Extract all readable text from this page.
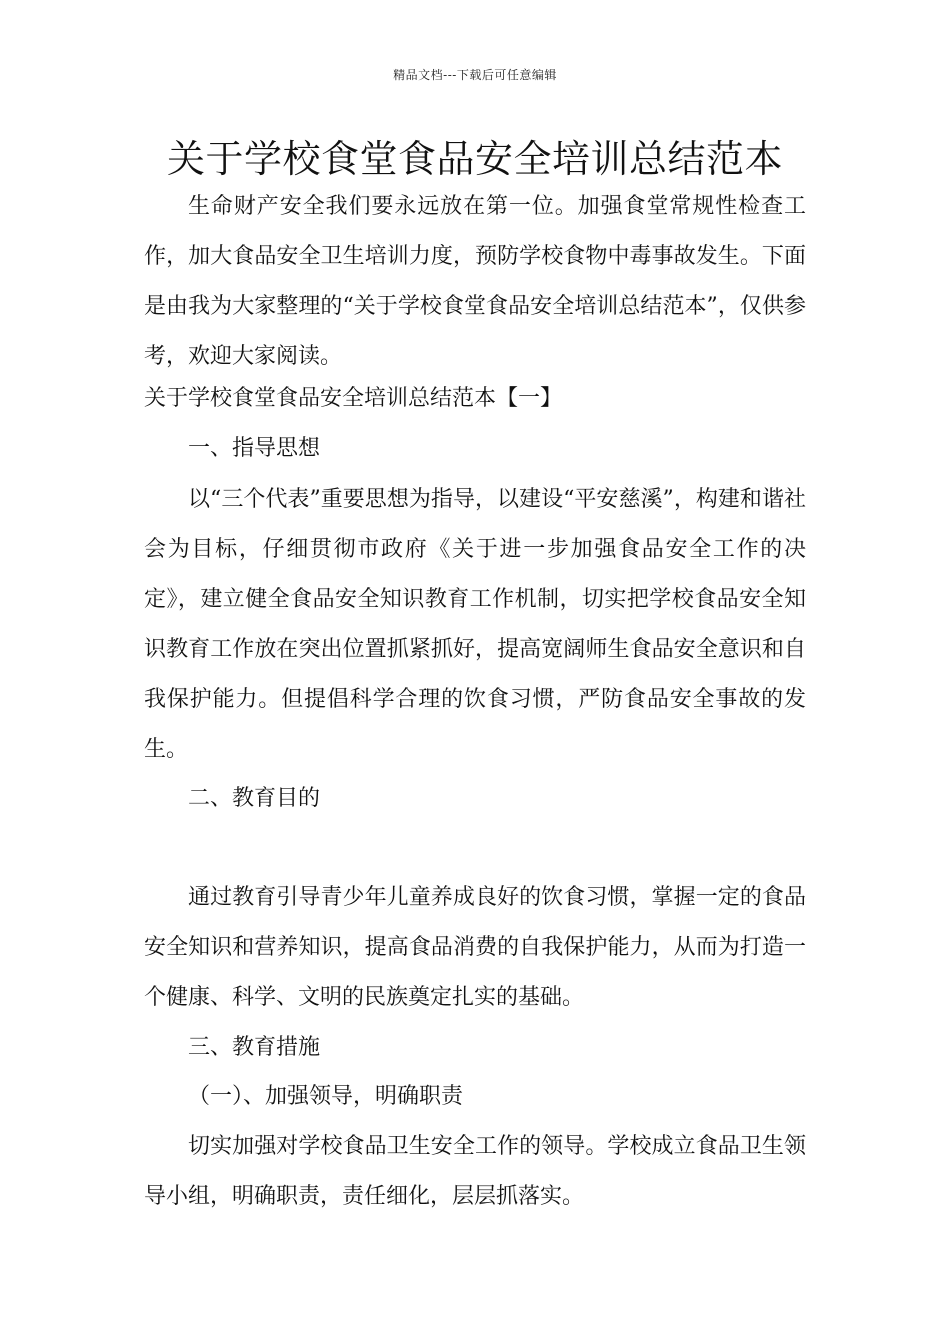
精品文档---下载后可任意编辑
关于学校食堂食品安全培训总结范本
生命财产安全我们要永远放在第一位。加强食堂常规性检查工作，加大食品安全卫生培训力度，预防学校食物中毒事故发生。下面是由我为大家整理的“关于学校食堂食品安全培训总结范本”，仅供参考，欢迎大家阅读。
关于学校食堂食品安全培训总结范本【一】
一、指导思想
以“三个代表”重要思想为指导，以建设“平安慈溪”，构建和谐社会为目标，仔细贯彻市政府《关于进一步加强食品安全工作的决定》，建立健全食品安全知识教育工作机制，切实把学校食品安全知识教育工作放在突出位置抓紧抓好，提高宽阔师生食品安全意识和自我保护能力。但提倡科学合理的饮食习惯，严防食品安全事故的发生。
二、教育目的
通过教育引导青少年儿童养成良好的饮食习惯，掌握一定的食品安全知识和营养知识，提高食品消费的自我保护能力，从而为打造一个健康、科学、文明的民族奠定扎实的基础。
三、教育措施
（一）、加强领导，明确职责
切实加强对学校食品卫生安全工作的领导。学校成立食品卫生领导小组，明确职责，责任细化，层层抓落实。
